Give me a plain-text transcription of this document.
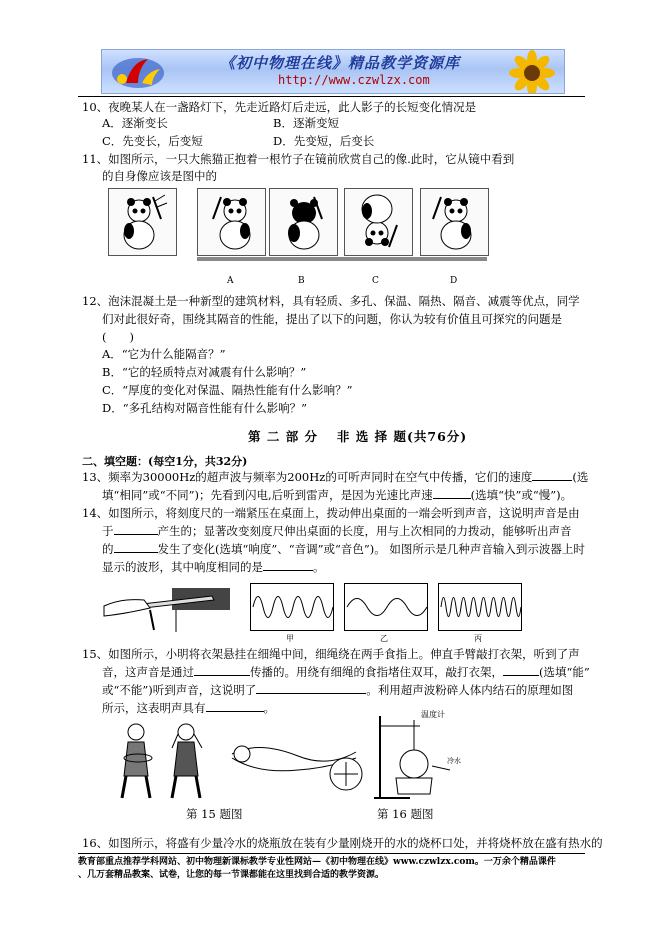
《初中物理在线》精品教学资源库
http://www.czwlzx.com
10、夜晚某人在一盏路灯下，先走近路灯后走远，此人影子的长短变化情况是
A．逐渐变长	B．逐渐变短
C．先变长，后变短	D．先变短，后变长
11、如图所示，一只大熊猫正抱着一根竹子在镜前欣赏自己的像.此时，它从镜中看到
的自身像应该是图中的
A	B	C	D
12、泡沫混凝土是一种新型的建筑材料，具有轻质、多孔、保温、隔热、隔音、减震等优点，同学
们对此很好奇，围绕其隔音的性能，提出了以下的问题，你认为较有价值且可探究的问题是
(　　)
A．“它为什么能隔音？”
B．“它的轻质特点对减震有什么影响？”
C．“厚度的变化对保温、隔热性能有什么影响？”
D．“多孔结构对隔音性能有什么影响？”
第 二 部 分　 非 选 择 题(共76分)
二、填空题：(每空1分，共32分)
13、频率为30000Hz的超声波与频率为200Hz的可听声同时在空气中传播，它们的速度	(选
填“相同”或“不同”)；先看到闪电,后听到雷声，是因为光速比声速	(选填“快”或“慢”)。
14、如图所示，将刻度尺的一端紧压在桌面上，拨动伸出桌面的一端会听到声音，这说明声音是由
于	产生的；显著改变刻度尺伸出桌面的长度，用与上次相同的力拨动，能够听出声音
的	发生了变化(选填“响度”、“音调”或“音色”)。 如图所示是几种声音输入到示波器上时
显示的波形，其中响度相同的是	。
甲	乙	丙
15、如图所示，小明将衣架悬挂在细绳中间，细绳绕在两手食指上。伸直手臂敲打衣架，听到了声
音，这声音是通过	传播的。用绕有细绳的食指堵住双耳，敲打衣架，	(选填“能”
或“不能”)听到声音，这说明了	。利用超声波粉碎人体内结石的原理如图
所示，这表明声具有	。	温度计
冷水
第 15 题图	第 16 题图
16、如图所示，将盛有少量冷水的烧瓶放在装有少量刚烧开的水的烧杯口处，并将烧杯放在盛有热水的
教育部重点推荐学科网站、初中物理新课标教学专业性网站—《初中物理在线》www.czwlzx.com。一万余个精品课件
、几万套精品教案、试卷，让您的每一节课都能在这里找到合适的教学资源。
